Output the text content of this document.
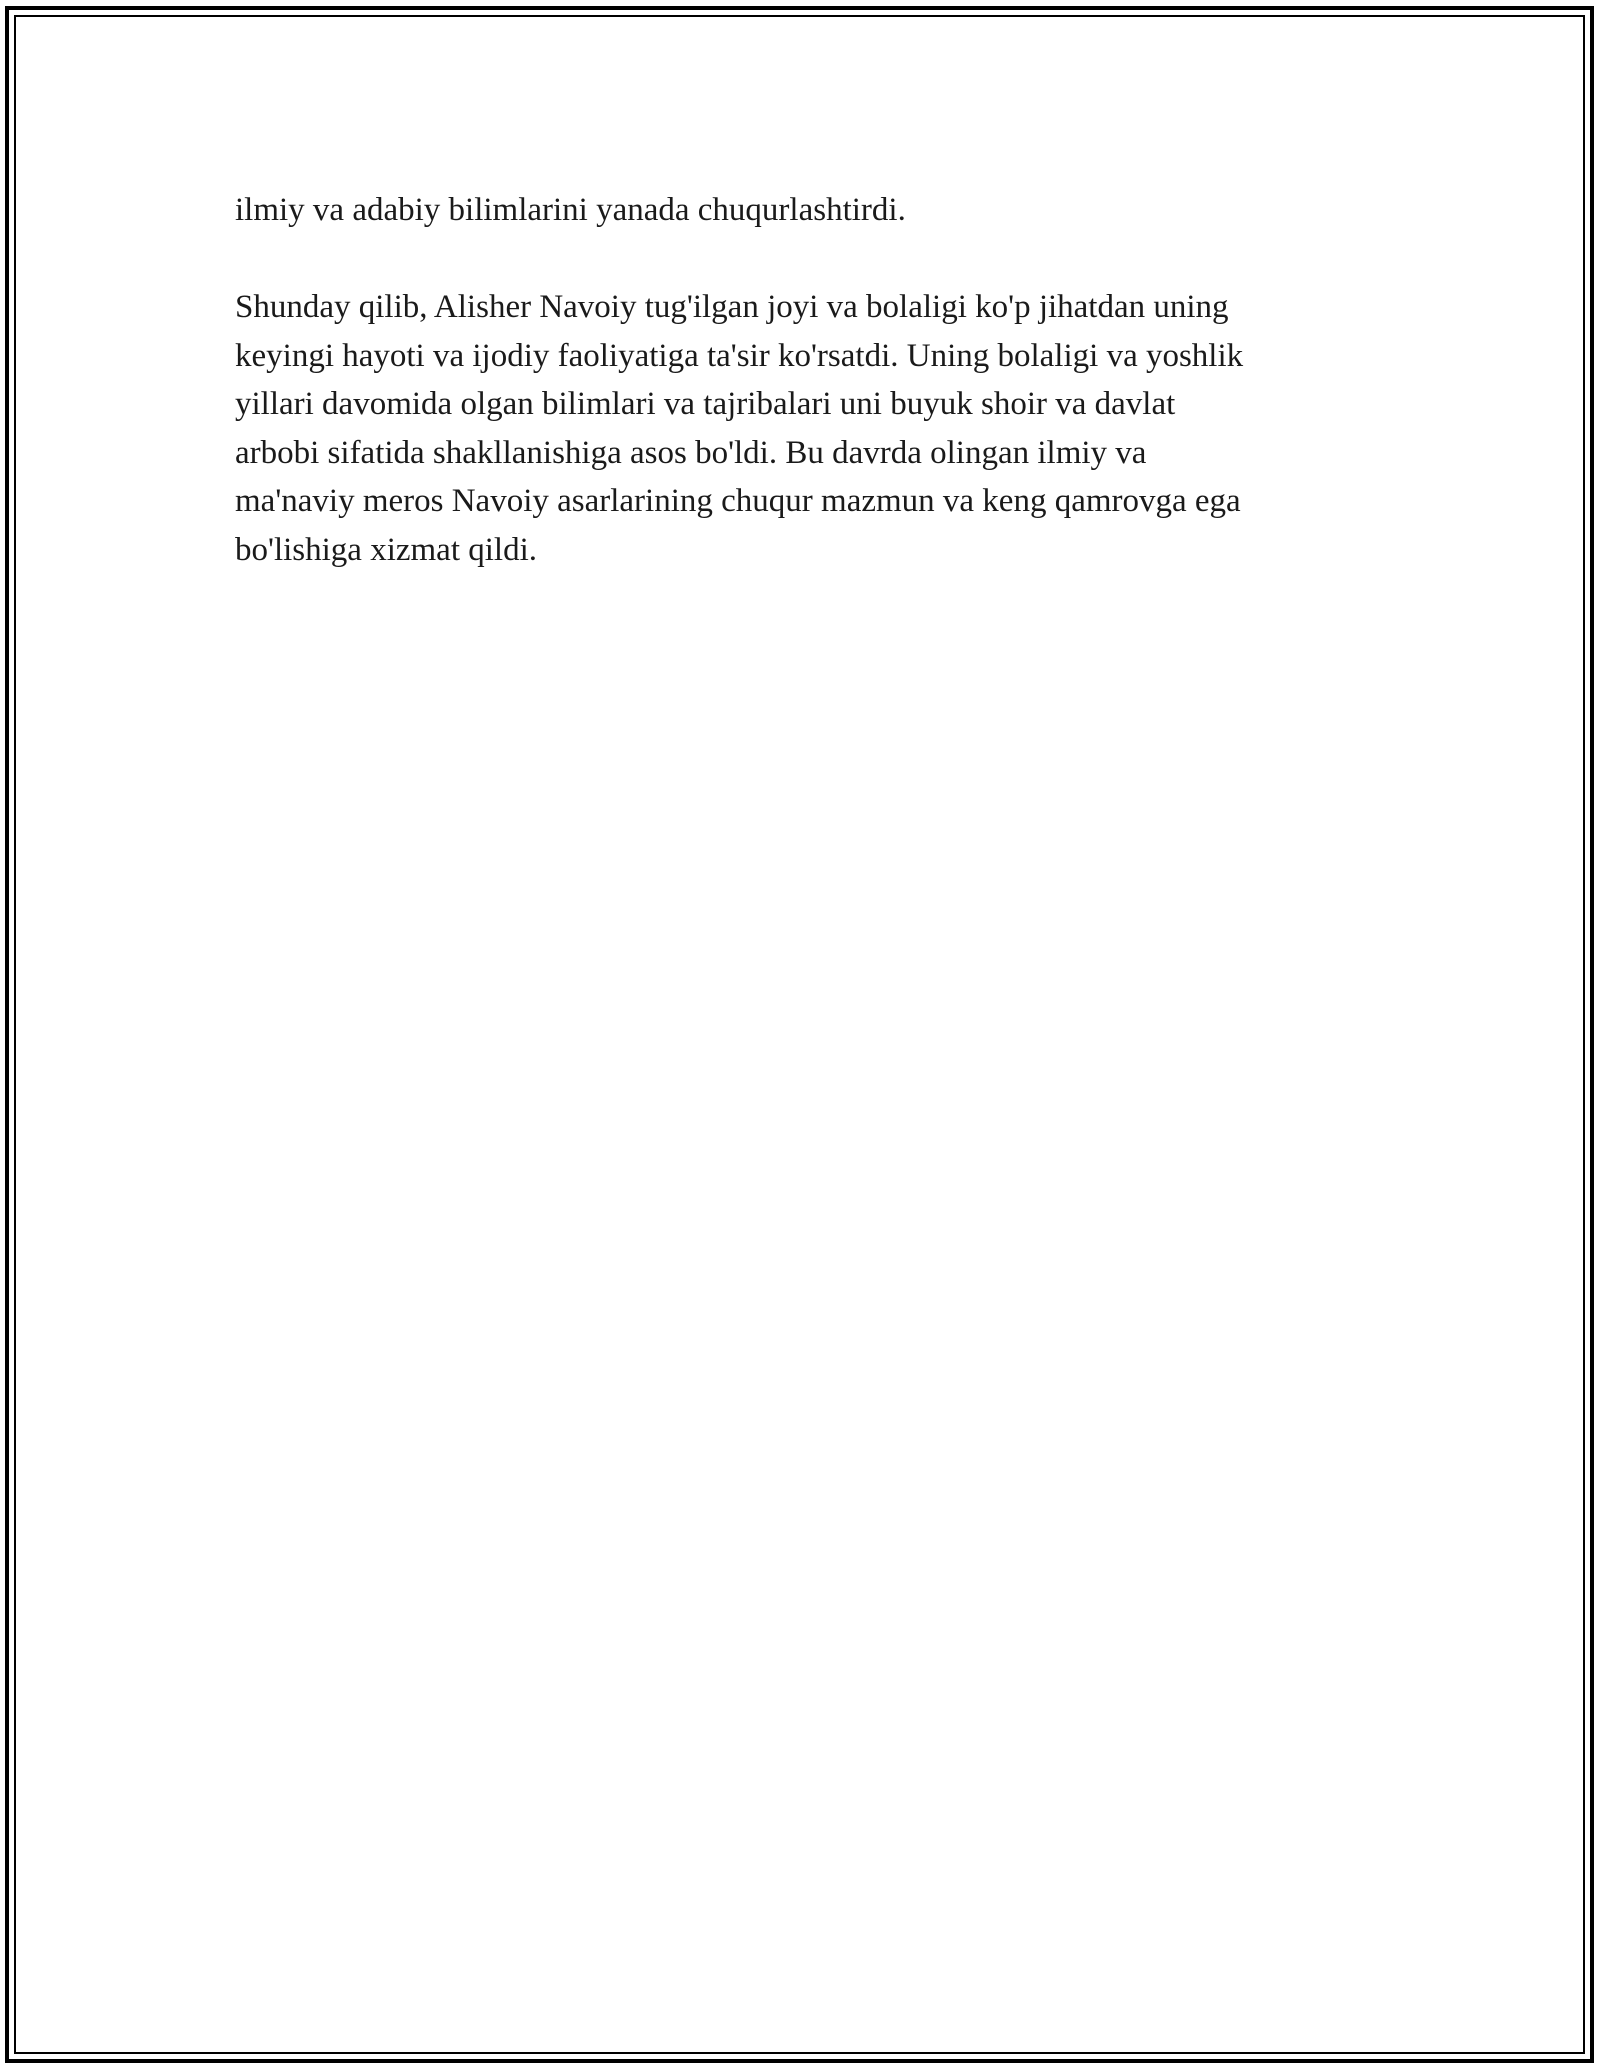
ilmiy va adabiy bilimlarini yanada chuqurlashtirdi.

Shunday qilib, Alisher Navoiy tug'ilgan joyi va bolaligi ko'p jihatdan uning

keyingi hayoti va ijodiy faoliyatiga ta'sir ko'rsatdi. Uning bolaligi va yoshlik

yillari davomida olgan bilimlari va tajribalari uni buyuk shoir va davlat

arbobi sifatida shakllanishiga asos bo'ldi. Bu davrda olingan ilmiy va

ma'naviy meros Navoiy asarlarining chuqur mazmun va keng qamrovga ega

bo'lishiga xizmat qildi.
